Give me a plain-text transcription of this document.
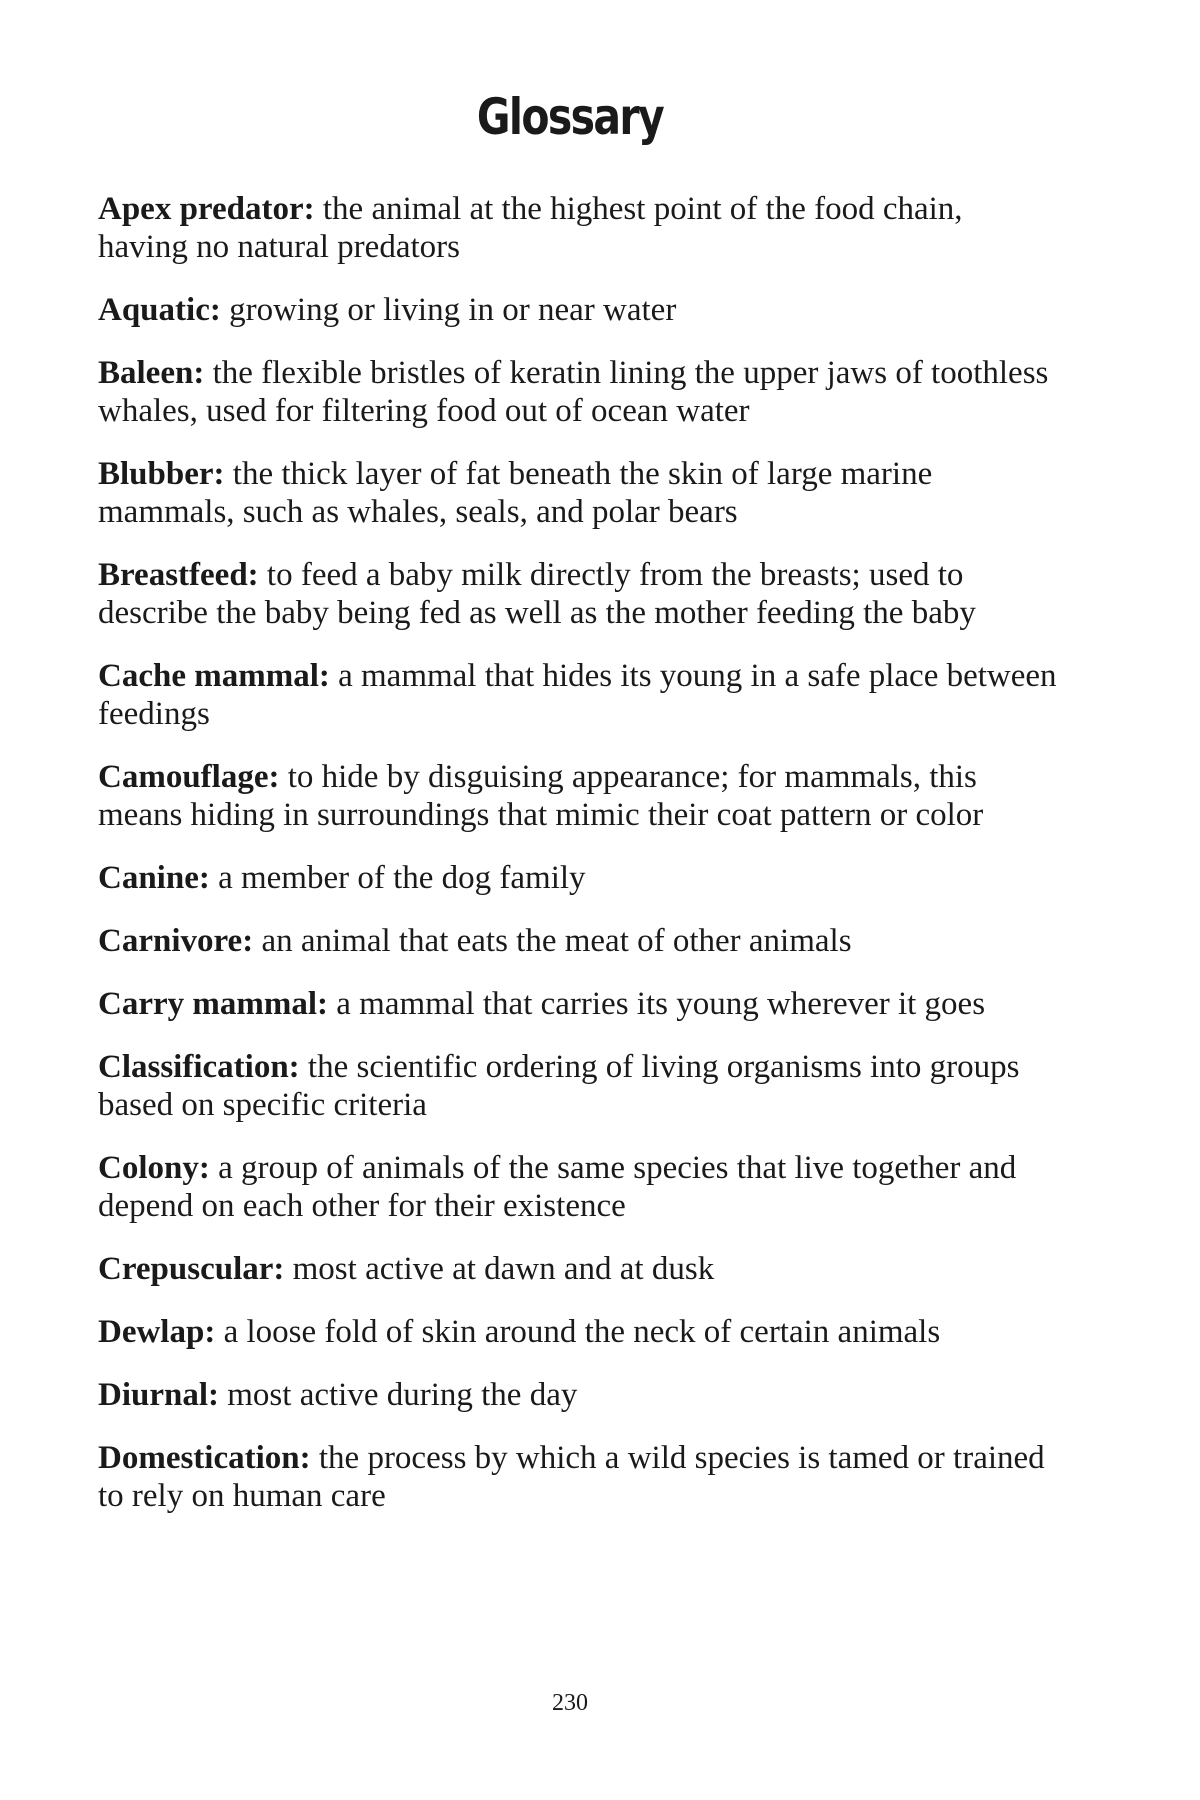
Glossary
Apex predator: the animal at the highest point of the food chain, having no natural predators
Aquatic: growing or living in or near water
Baleen: the flexible bristles of keratin lining the upper jaws of toothless whales, used for filtering food out of ocean water
Blubber: the thick layer of fat beneath the skin of large marine mammals, such as whales, seals, and polar bears
Breastfeed: to feed a baby milk directly from the breasts; used to describe the baby being fed as well as the mother feeding the baby
Cache mammal: a mammal that hides its young in a safe place between feedings
Camouflage: to hide by disguising appearance; for mammals, this means hiding in surroundings that mimic their coat pattern or color
Canine: a member of the dog family
Carnivore: an animal that eats the meat of other animals
Carry mammal: a mammal that carries its young wherever it goes
Classification: the scientific ordering of living organisms into groups based on specific criteria
Colony: a group of animals of the same species that live together and depend on each other for their existence
Crepuscular: most active at dawn and at dusk
Dewlap: a loose fold of skin around the neck of certain animals
Diurnal: most active during the day
Domestication: the process by which a wild species is tamed or trained to rely on human care
230
